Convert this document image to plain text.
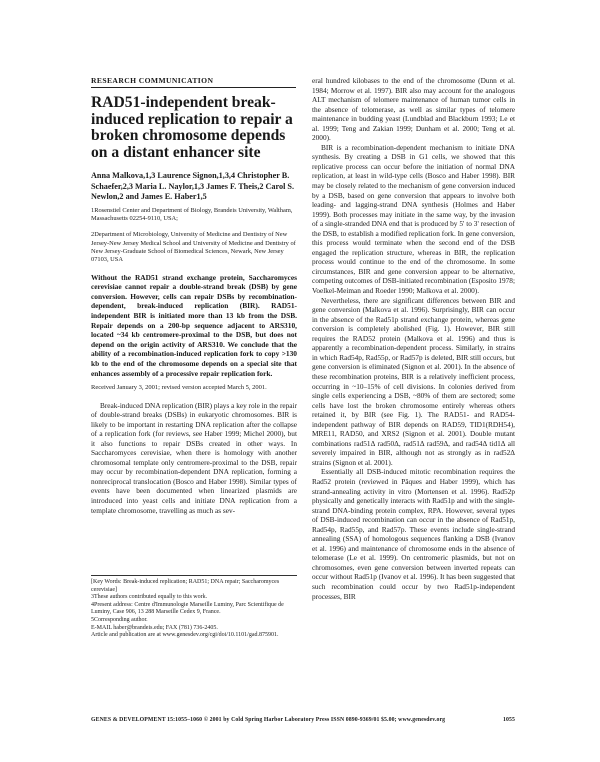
RESEARCH COMMUNICATION
RAD51-independent break-induced replication to repair a broken chromosome depends on a distant enhancer site
Anna Malkova,1,3 Laurence Signon,1,3,4 Christopher B. Schaefer,2,3 Maria L. Naylor,1,3 James F. Theis,2 Carol S. Newlon,2 and James E. Haber1,5
1Rosenstiel Center and Department of Biology, Brandeis University, Waltham, Massachusetts 02254-9110, USA;
2Department of Microbiology, University of Medicine and Dentistry of New Jersey-New Jersey Medical School and University of Medicine and Dentistry of New Jersey-Graduate School of Biomedical Sciences, Newark, New Jersey 07103, USA
Without the RAD51 strand exchange protein, Saccharomyces cerevisiae cannot repair a double-strand break (DSB) by gene conversion. However, cells can repair DSBs by recombination-dependent, break-induced replication (BIR). RAD51-independent BIR is initiated more than 13 kb from the DSB. Repair depends on a 200-bp sequence adjacent to ARS310, located ~34 kb centromere-proximal to the DSB, but does not depend on the origin activity of ARS310. We conclude that the ability of a recombination-induced replication fork to copy >130 kb to the end of the chromosome depends on a special site that enhances assembly of a processive repair replication fork.
Received January 3, 2001; revised version accepted March 5, 2001.

Break-induced DNA replication (BIR) plays a key role in the repair of double-strand breaks (DSBs) in eukaryotic chromosomes. BIR is likely to be important in restarting DNA replication after the collapse of a replication fork (for reviews, see Haber 1999; Michel 2000), but it also functions to repair DSBs created in other ways. In Saccharomyces cerevisiae, when there is homology with another chromosomal template only centromere-proximal to the DSB, repair may occur by recombination-dependent DNA replication, forming a nonreciprocal translocation (Bosco and Haber 1998). Similar types of events have been documented when linearized plasmids are introduced into yeast cells and initiate DNA replication from a template chromosome, travelling as much as sev-

[Key Words: Break-induced replication; RAD51; DNA repair; Saccharomyces cerevisiae]
3These authors contributed equally to this work.
4Present address: Centre d'Immunologie Marseille Luminy, Parc Scientifique de Luminy, Case 906, 13 288 Marseille Cedex 9, France.
5Corresponding author.
E-MAIL haber@brandeis.edu; FAX (781) 736-2405.
Article and publication are at www.genesdev.org/cgi/doi/10.1101/gad.875901.

eral hundred kilobases to the end of the chromosome (Dunn et al. 1984; Morrow et al. 1997). BIR also may account for the analogous ALT mechanism of telomere maintenance of human tumor cells in the absence of telomerase, as well as similar types of telomere maintenance in budding yeast (Lundblad and Blackburn 1993; Le et al. 1999; Teng and Zakian 1999; Dunham et al. 2000; Teng et al. 2000).

BIR is a recombination-dependent mechanism to initiate DNA synthesis. By creating a DSB in G1 cells, we showed that this replicative process can occur before the initiation of normal DNA replication, at least in wild-type cells (Bosco and Haber 1998). BIR may be closely related to the mechanism of gene conversion induced by a DSB, based on gene conversion that appears to involve both leading- and lagging-strand DNA synthesis (Holmes and Haber 1999). Both processes may initiate in the same way, by the invasion of a single-stranded DNA end that is produced by 5' to 3' resection of the DSB, to establish a modified replication fork. In gene conversion, this process would terminate when the second end of the DSB engaged the replication structure, whereas in BIR, the replication process would continue to the end of the chromosome. In some circumstances, BIR and gene conversion appear to be alternative, competing outcomes of DSB-initiated recombination (Esposito 1978; Voelkel-Meiman and Roeder 1990; Malkova et al. 2000).

Nevertheless, there are significant differences between BIR and gene conversion (Malkova et al. 1996). Surprisingly, BIR can occur in the absence of the Rad51p strand exchange protein, whereas gene conversion is completely abolished (Fig. 1). However, BIR still requires the RAD52 protein (Malkova et al. 1996) and thus is apparently a recombination-dependent process. Similarly, in strains in which Rad54p, Rad55p, or Rad57p is deleted, BIR still occurs, but gene conversion is eliminated (Signon et al. 2001). In the absence of these recombination proteins, BIR is a relatively inefficient process, occurring in ~10–15% of cell divisions. In colonies derived from single cells experiencing a DSB, ~80% of them are sectored; some cells have lost the broken chromosome entirely whereas others retained it, by BIR (see Fig. 1). The RAD51- and RAD54-independent pathway of BIR depends on RAD59, TID1(RDH54), MRE11, RAD50, and XRS2 (Signon et al. 2001). Double mutant combinations rad51Δ rad50Δ, rad51Δ rad59Δ, and rad54Δ tid1Δ all severely impaired in BIR, although not as strongly as in rad52Δ strains (Signon et al. 2001).

Essentially all DSB-induced mitotic recombination requires the Rad52 protein (reviewed in Pâques and Haber 1999), which has strand-annealing activity in vitro (Mortensen et al. 1996). Rad52p physically and genetically interacts with Rad51p and with the single-strand DNA-binding protein complex, RPA. However, several types of DSB-induced recombination can occur in the absence of Rad51p, Rad54p, Rad55p, and Rad57p. These events include single-strand annealing (SSA) of homologous sequences flanking a DSB (Ivanov et al. 1996) and maintenance of chromosome ends in the absence of telomerase (Le et al. 1999). On centromeric plasmids, but not on chromosomes, even gene conversion between inverted repeats can occur without Rad51p (Ivanov et al. 1996). It has been suggested that such recombination could occur by two Rad51p-independent processes, BIR

GENES & DEVELOPMENT 15:1055–1060 © 2001 by Cold Spring Harbor Laboratory Press ISSN 0890-9369/01 $5.00; www.genesdev.org	1055
